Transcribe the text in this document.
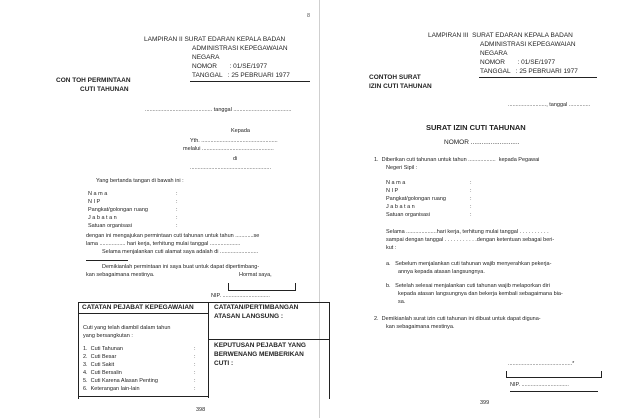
8
LAMPIRAN II SURAT EDARAN KEPALA BADAN
ADMINISTRASI KEPEGAWAIAN
NEGARA
NOMOR       : 01/SE/1977
TANGGAL   : 25 PEBRUARI 1977
CON TOH PERMINTAAN
CUTI TAHUNAN
............................................ tanggal ......................................
Kepada
Yth. ..................................................
melalui ...............................................
di
.....................................................
Yang bertanda tangan di bawah ini :
N a m a
N I P
Pangkat/golongan ruang
J a b a t a n
Satuan organisasi
:
:
:
:
:
dengan ini mengajukan permintaan cuti tahunan untuk tahun ............se
lama ................. hari kerja, terhitung mulai tanggal ....................
Selama menjalankan cuti alamat saya adalah di .........................
Demikianlah permintaan ini saya buat untuk dapat dipertimbang-
kan sebagaimana mestinya.	Hormat saya,
NIP. ...............................
CATATAN PEJABAT KEPEGAWAIAN
Cuti yang telah diambil dalam tahun
yang bersangkutan :
1.  Cuti Tahunan
2.  Cuti Besar
3.  Cuti Sakit
4.  Cuti Bersalin
5.  Cuti Karena Alasan Penting
6.  Keterangan lain-lain
:
:
:
:
:
:
CATATAN/PERTIMBANGAN
ATASAN LANGSUNG :
KEPUTUSAN PEJABAT YANG
BERWENANG MEMBERIKAN
CUTI :
398
LAMPIRAN III  SURAT EDARAN KEPALA BADAN
ADMINISTRASI KEPEGAWAIAN
NEGARA
NOMOR       : 01/SE/1977
TANGGAL   : 25 PEBRUARI 1977
CONTOH SURAT
IZIN CUTI TAHUNAN
........................., tanggal ..............
SURAT IZIN CUTI TAHUNAN
NOMOR ...........................
1.  Diberikan cuti tahunan untuk tahun ..................  kepada Pegawai
Negeri Sipil :
N a m a
N I P
Pangkat/golongan ruang
J a b a t a n
Satuan organisasi
:
:
:
:
:
Selama ....................hari kerja, terhitung mulai tanggal . . . . . . . . . .
sampai dengan tanggal . . . . . . . . . . .dengan ketentuan sebagai beri-
kut :
a.   Sebelum menjalankan cuti tahunan wajib menyerahkan pekerja-
annya kepada atasan langsungnya.
b.   Setelah selesai menjalankan cuti tahunan wajib melaporkan diri
kepada atasan langsungnya dan bekerja kembali sebagaimana bia-
sa.
2.  Demikianlah surat izin cuti tahunan ini dibuat untuk dapat diguna-
kan sebagaimana mestinya.
..........................................*
NIP. ...............................
399
